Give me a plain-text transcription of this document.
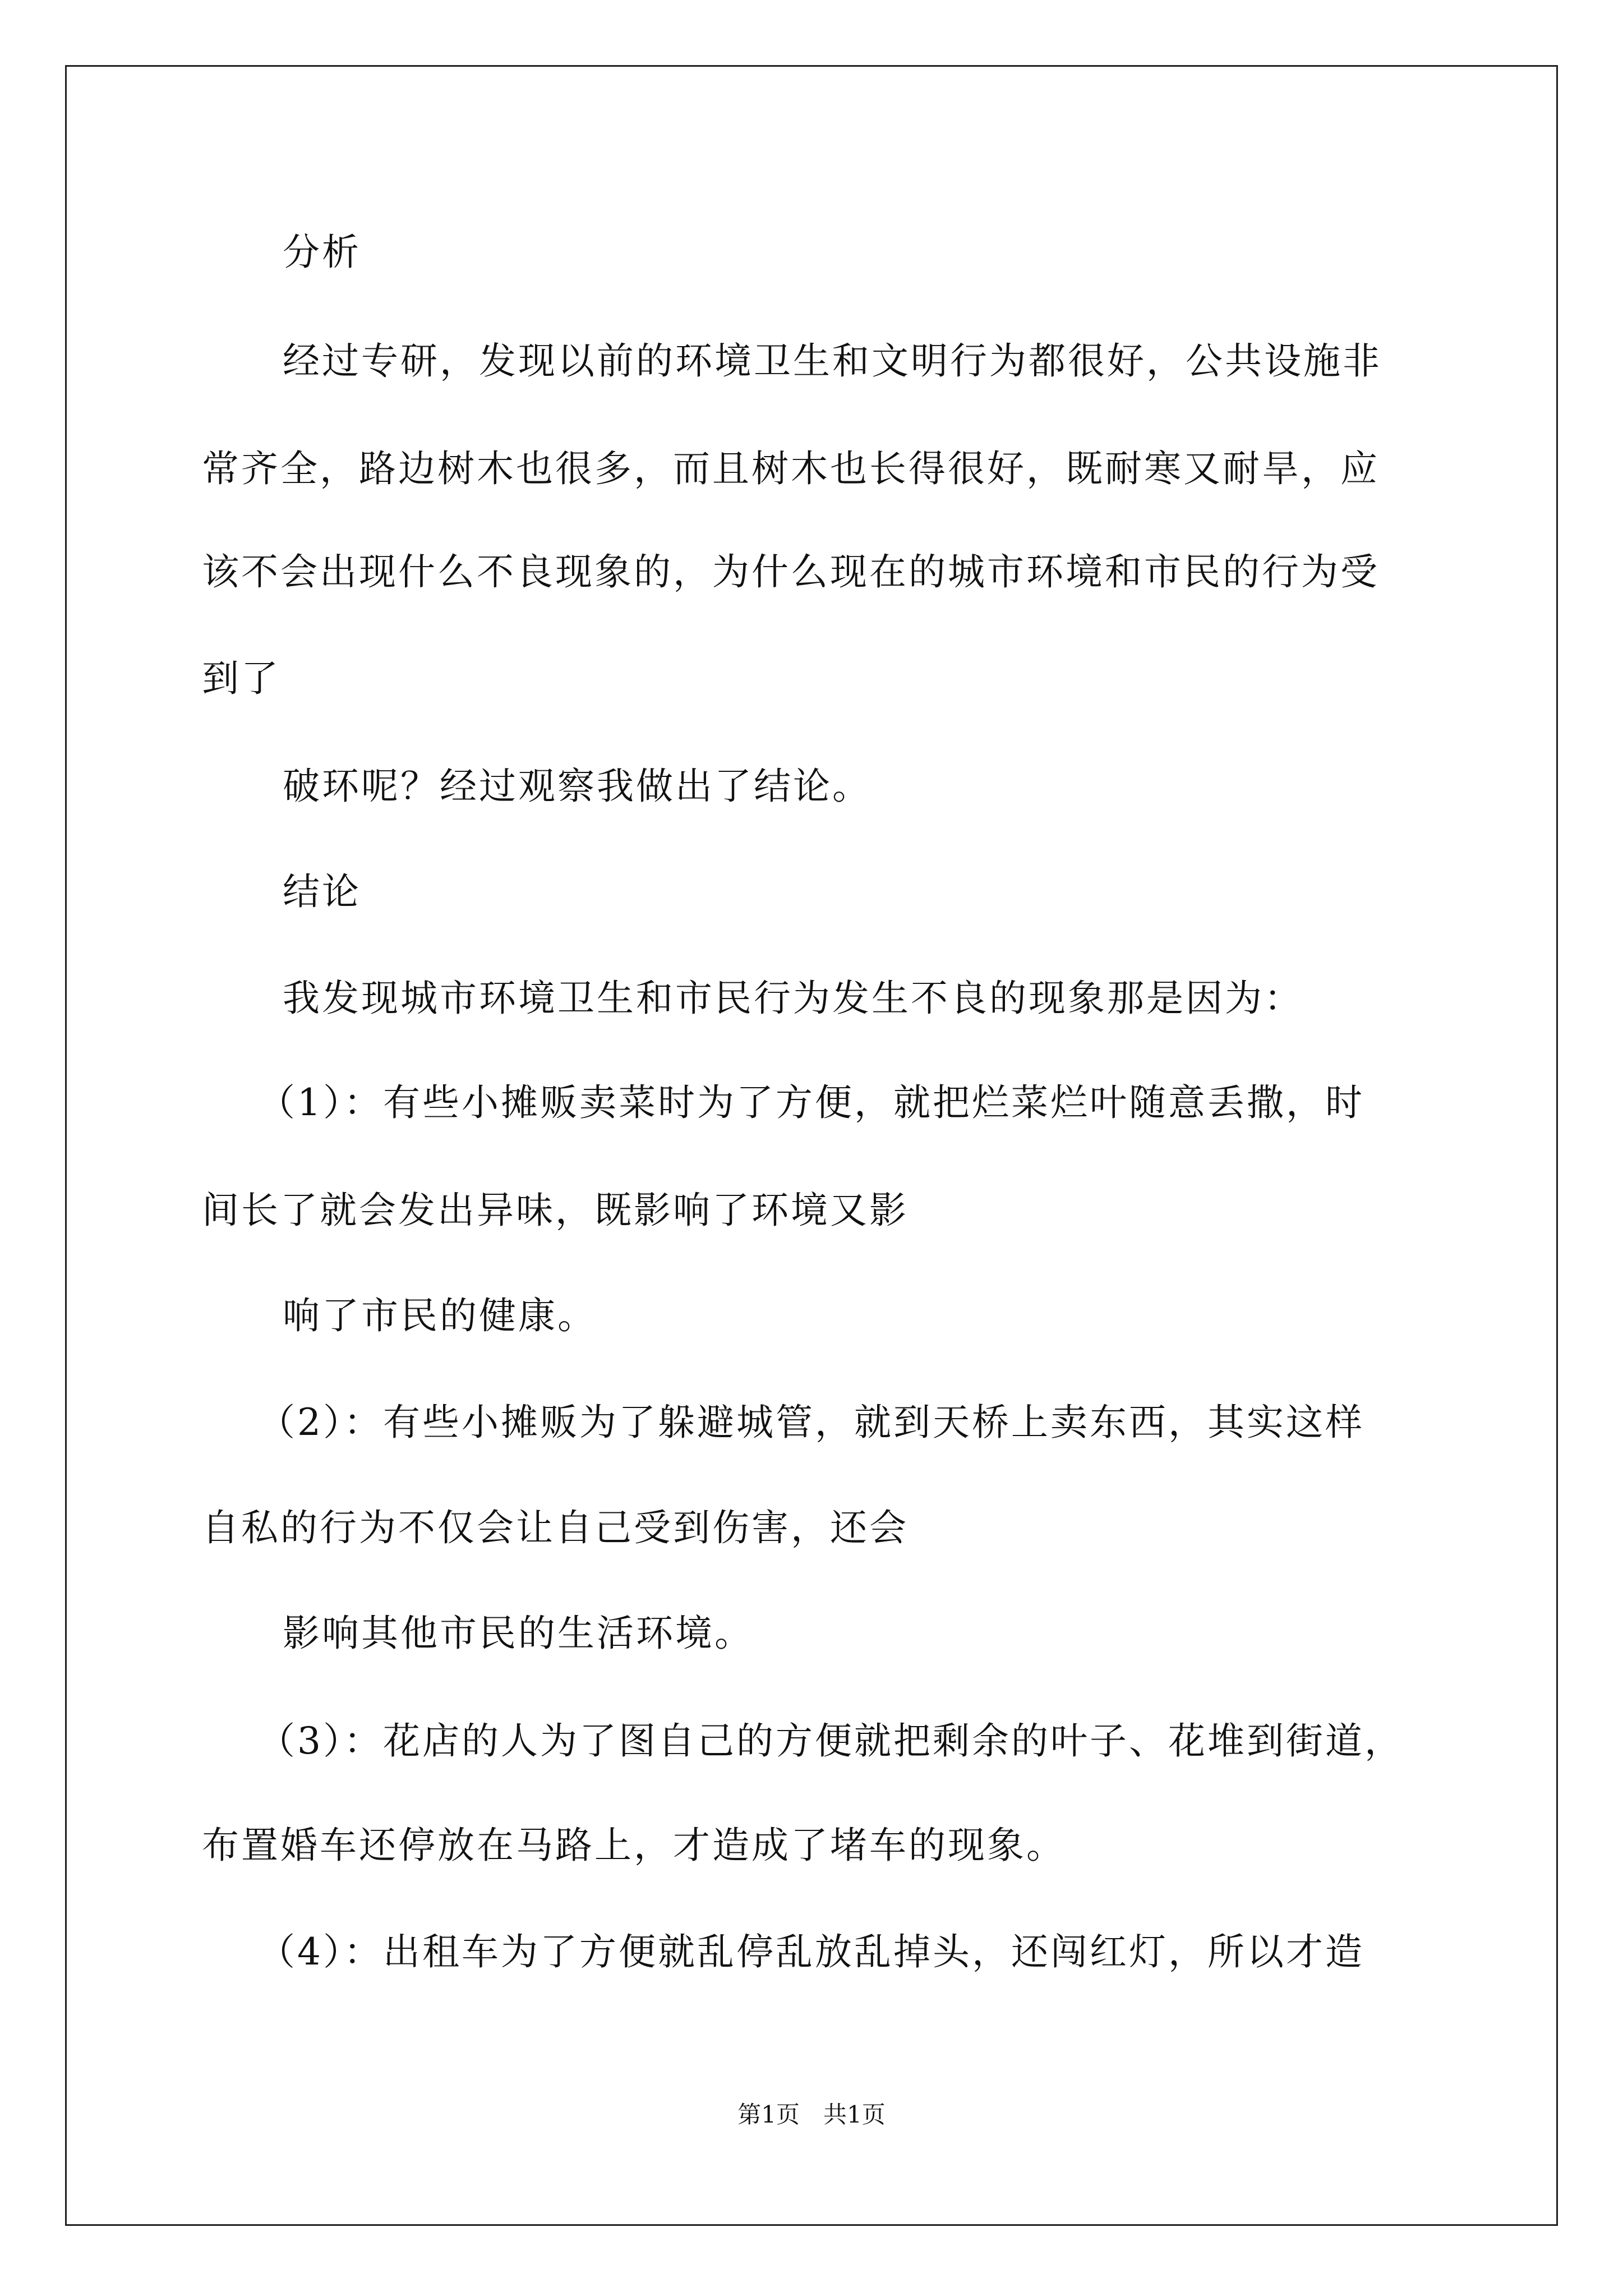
分析
经过专研，发现以前的环境卫生和文明行为都很好，公共设施非
常齐全，路边树木也很多，而且树木也长得很好，既耐寒又耐旱，应
该不会出现什么不良现象的，为什么现在的城市环境和市民的行为受
到了
破环呢？经过观察我做出了结论。
结论
我发现城市环境卫生和市民行为发生不良的现象那是因为：
（1）：有些小摊贩卖菜时为了方便，就把烂菜烂叶随意丢撒，时
间长了就会发出异味，既影响了环境又影
响了市民的健康。
（2）：有些小摊贩为了躲避城管，就到天桥上卖东西，其实这样
自私的行为不仅会让自己受到伤害，还会
影响其他市民的生活环境。
（3）：花店的人为了图自己的方便就把剩余的叶子、花堆到街道，
布置婚车还停放在马路上，才造成了堵车的现象。
（4）：出租车为了方便就乱停乱放乱掉头，还闯红灯，所以才造
第1页　共1页
